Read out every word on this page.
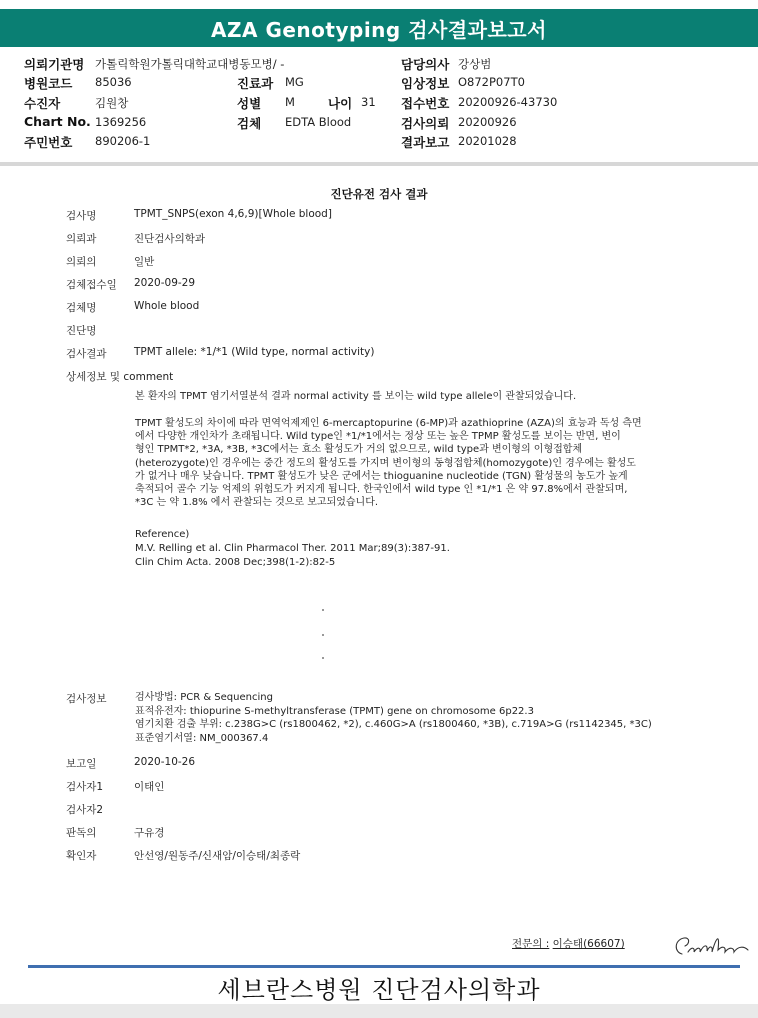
AZA Genotyping 검사결과보고서
의뢰기관명 가톨릭학원가톨릭대학교대병동모병/ -	담당의사 강상범
병원코드 85036	진료과 MG	임상정보 O872P07T0
수진자	김원창	성별 M	나이 31 접수번호 20200926-43730
Chart No. 1369256	검체 EDTA Blood	검사의뢰 20200926
주민번호 890206-1	결과보고 20201028
진단유전 검사 결과
검사명	TPMT_SNPS(exon 4,6,9)[Whole blood]
의뢰과	진단검사의학과
의뢰의	일반
검체접수일 2020-09-29
검체명	Whole blood
진단명
검사결과	TPMT allele: *1/*1 (Wild type, normal activity)
상세정보 및 comment
본 환자의 TPMT 염기서열분석 결과 normal activity 를 보이는 wild type allele이 관찰되었습니다.
TPMT 활성도의 차이에 따라 면역억제제인 6-mercaptopurine (6-MP)과 azathioprine (AZA)의 효능과 독성 측면
에서 다양한 개인차가 초래됩니다. Wild type인 *1/*1에서는 정상 또는 높은 TPMP 활성도를 보이는 반면, 변이
형인 TPMT*2, *3A, *3B, *3C에서는 효소 활성도가 거의 없으므로, wild type과 변이형의 이형접합체
(heterozygote)인 경우에는 중간 정도의 활성도를 가지며 변이형의 동형접합체(homozygote)인 경우에는 활성도
가 없거나 매우 낮습니다. TPMT 활성도가 낮은 군에서는 thioguanine nucleotide (TGN) 활성물의 농도가 높게
축적되어 골수 기능 억제의 위험도가 커지게 됩니다. 한국인에서 wild type 인 *1/*1 은 약 97.8%에서 관찰되며,
*3C 는 약 1.8% 에서 관찰되는 것으로 보고되었습니다.
Reference)
M.V. Relling et al. Clin Pharmacol Ther. 2011 Mar;89(3):387-91.
Clin Chim Acta. 2008 Dec;398(1-2):82-5
검사정보	검사방법: PCR & Sequencing
표적유전자: thiopurine S-methyltransferase (TPMT) gene on chromosome 6p22.3
염기치환 검출 부위: c.238G>C (rs1800462, *2), c.460G>A (rs1800460, *3B), c.719A>G (rs1142345, *3C)
표준염기서열: NM_000367.4
보고일	2020-10-26
검사자1	이태인
검사자2
판독의	구유경
확인자	안선영/원동주/신새암/이승태/최종락
전문의 : 이승태(66607)
세브란스병원 진단검사의학과
